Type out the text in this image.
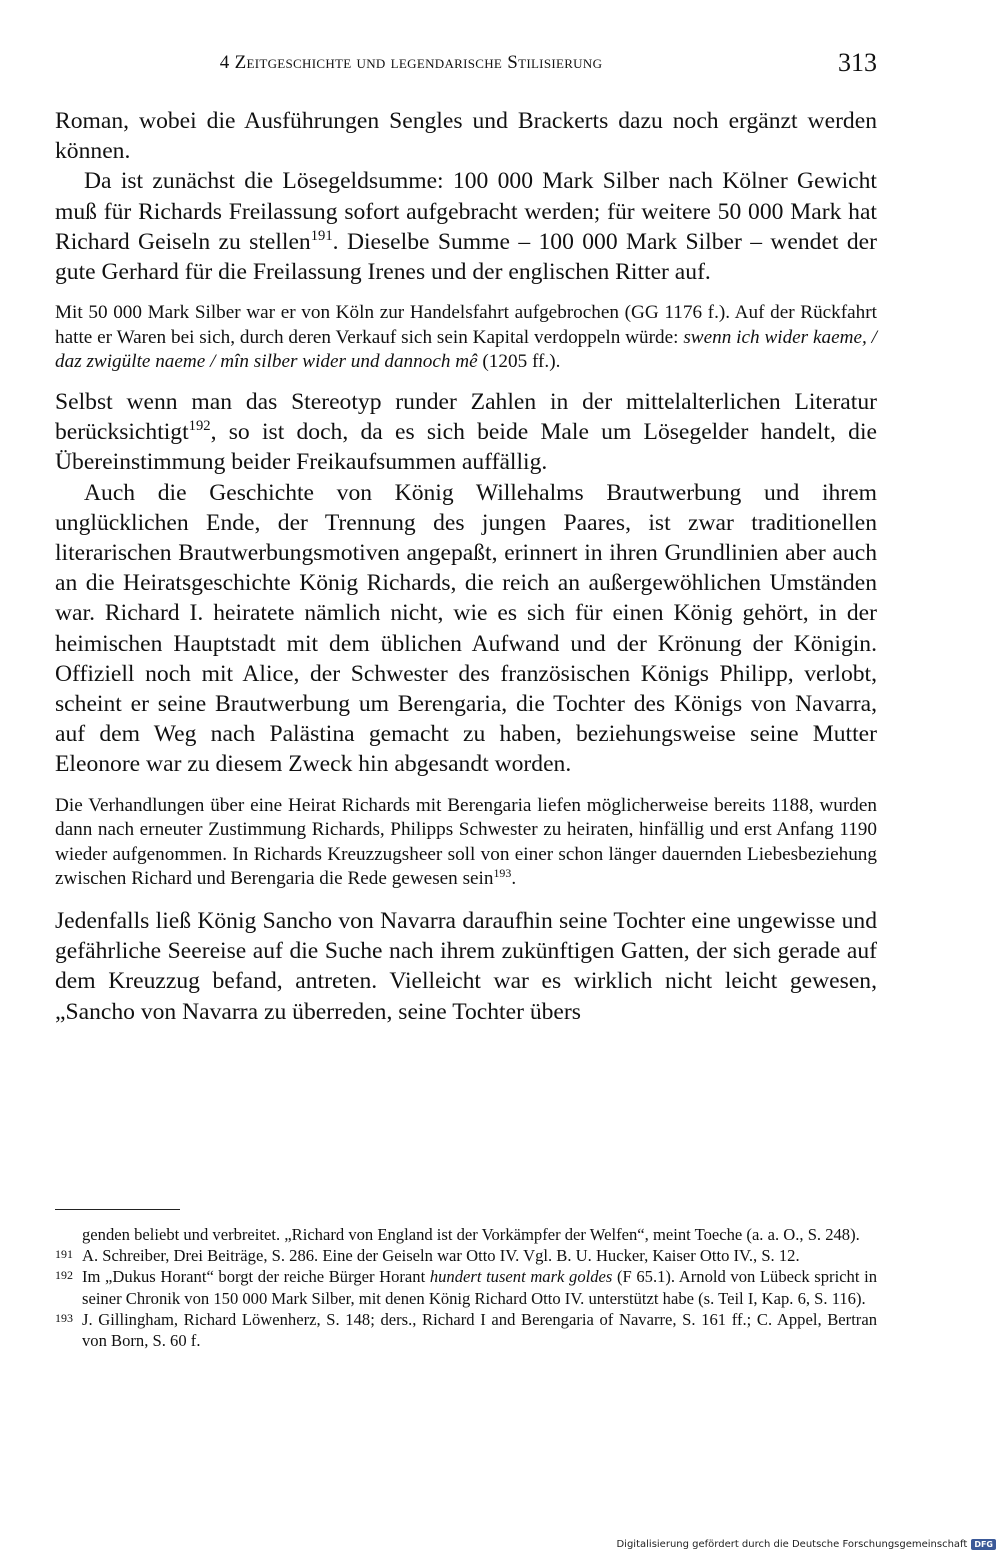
4 Zeitgeschichte und legendarische Stilisierung	313

Roman, wobei die Ausführungen Sengles und Brackerts dazu noch ergänzt werden können.

Da ist zunächst die Lösegeldsumme: 100 000 Mark Silber nach Kölner Gewicht muß für Richards Freilassung sofort aufgebracht werden; für weitere 50 000 Mark hat Richard Geiseln zu stellen$^{191}$. Dieselbe Summe – 100 000 Mark Silber – wendet der gute Gerhard für die Freilassung Irenes und der englischen Ritter auf.

Mit 50 000 Mark Silber war er von Köln zur Handelsfahrt aufgebrochen (GG 1176 f.). Auf der Rückfahrt hatte er Waren bei sich, durch deren Verkauf sich sein Kapital verdoppeln würde: swenn ich wider kaeme, / daz zwigülte naeme / mîn silber wider und dannoch mê (1205 ff.).

Selbst wenn man das Stereotyp runder Zahlen in der mittelalterlichen Literatur berücksichtigt$^{192}$, so ist doch, da es sich beide Male um Lösegelder handelt, die Übereinstimmung beider Freikaufsummen auffällig.

Auch die Geschichte von König Willehalms Brautwerbung und ihrem unglücklichen Ende, der Trennung des jungen Paares, ist zwar traditionellen literarischen Brautwerbungsmotiven angepaßt, erinnert in ihren Grundlinien aber auch an die Heiratsgeschichte König Richards, die reich an außergewöhlichen Umständen war. Richard I. heiratete nämlich nicht, wie es sich für einen König gehört, in der heimischen Hauptstadt mit dem üblichen Aufwand und der Krönung der Königin. Offiziell noch mit Alice, der Schwester des französischen Königs Philipp, verlobt, scheint er seine Brautwerbung um Berengaria, die Tochter des Königs von Navarra, auf dem Weg nach Palästina gemacht zu haben, beziehungsweise seine Mutter Eleonore war zu diesem Zweck hin abgesandt worden.

Die Verhandlungen über eine Heirat Richards mit Berengaria liefen möglicherweise bereits 1188, wurden dann nach erneuter Zustimmung Richards, Philipps Schwester zu heiraten, hinfällig und erst Anfang 1190 wieder aufgenommen. In Richards Kreuzzugsheer soll von einer schon länger dauernden Liebesbeziehung zwischen Richard und Berengaria die Rede gewesen sein$^{193}$.

Jedenfalls ließ König Sancho von Navarra daraufhin seine Tochter eine ungewisse und gefährliche Seereise auf die Suche nach ihrem zukünftigen Gatten, der sich gerade auf dem Kreuzzug befand, antreten. Vielleicht war es wirklich nicht leicht gewesen, „Sancho von Navarra zu überreden, seine Tochter übers

genden beliebt und verbreitet. „Richard von England ist der Vorkämpfer der Welfen“, meint Toeche (a. a. O., S. 248).

191 A. Schreiber, Drei Beiträge, S. 286. Eine der Geiseln war Otto IV. Vgl. B. U. Hucker, Kaiser Otto IV., S. 12.

192 Im „Dukus Horant“ borgt der reiche Bürger Horant hundert tusent mark goldes (F 65.1). Arnold von Lübeck spricht in seiner Chronik von 150 000 Mark Silber, mit denen König Richard Otto IV. unterstützt habe (s. Teil I, Kap. 6, S. 116).

193 J. Gillingham, Richard Löwenherz, S. 148; ders., Richard I and Berengaria of Navarre, S. 161 ff.; C. Appel, Bertran von Born, S. 60 f.

Digitalisierung gefördert durch die Deutsche Forschungsgemeinschaft DFG
